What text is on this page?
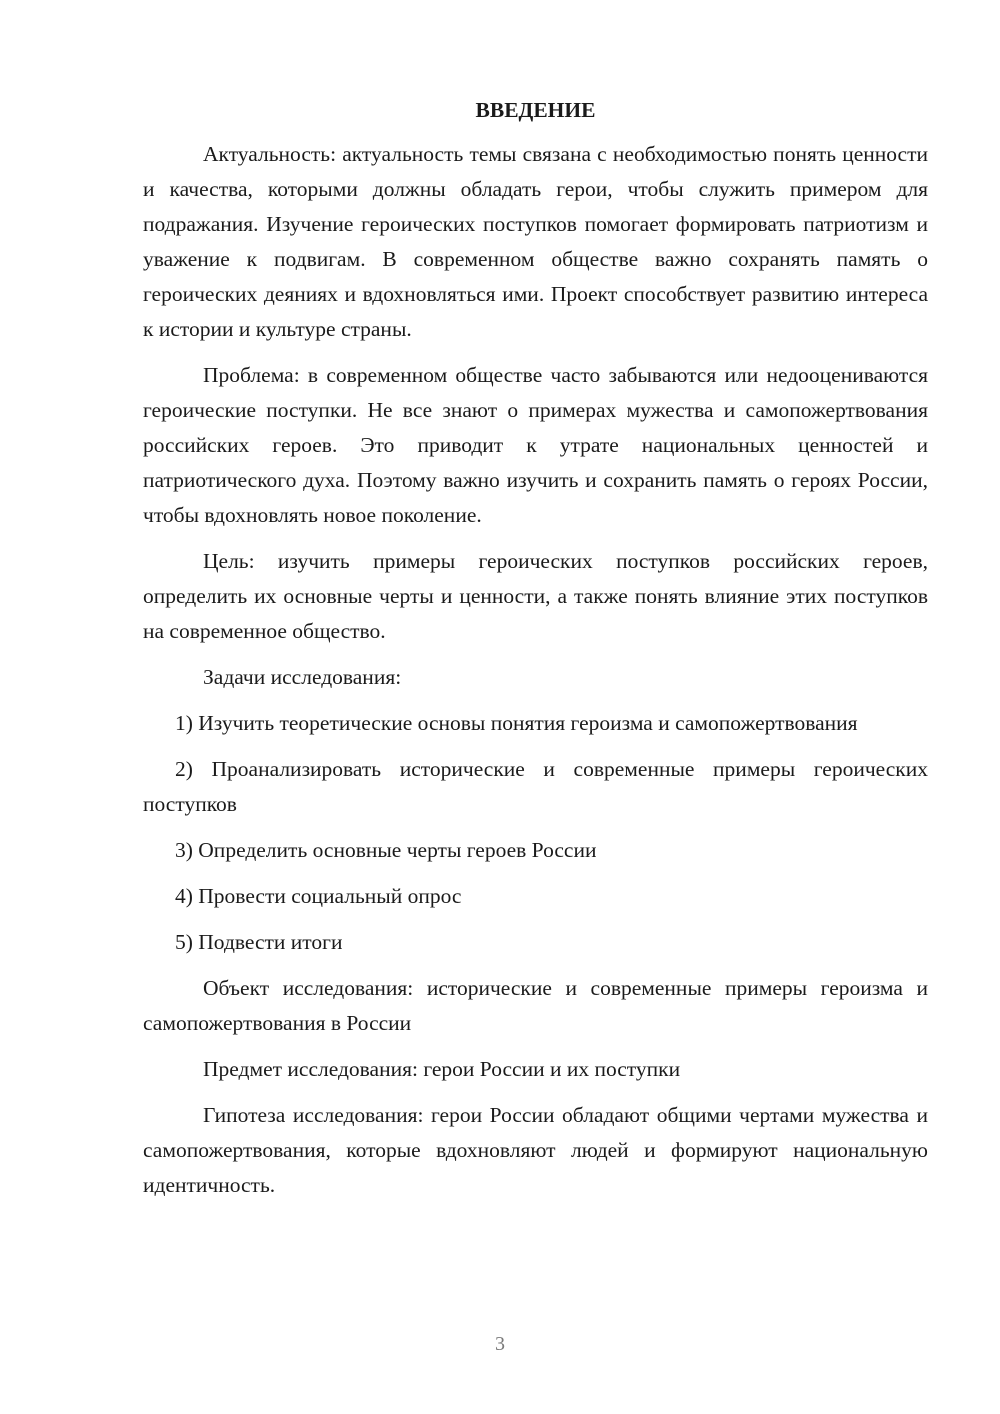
ВВЕДЕНИЕ

Актуальность: актуальность темы связана с необходимостью понять ценности и качества, которыми должны обладать герои, чтобы служить примером для подражания. Изучение героических поступков помогает формировать патриотизм и уважение к подвигам. В современном обществе важно сохранять память о героических деяниях и вдохновляться ими. Проект способствует развитию интереса к истории и культуре страны.

Проблема: в современном обществе часто забываются или недооцениваются героические поступки. Не все знают о примерах мужества и самопожертвования российских героев. Это приводит к утрате национальных ценностей и патриотического духа. Поэтому важно изучить и сохранить память о героях России, чтобы вдохновлять новое поколение.

Цель: изучить примеры героических поступков российских героев, определить их основные черты и ценности, а также понять влияние этих поступков на современное общество.

Задачи исследования:

1) Изучить теоретические основы понятия героизма и самопожертвования

2) Проанализировать исторические и современные примеры героических поступков

3) Определить основные черты героев России

4) Провести социальный опрос

5) Подвести итоги

Объект исследования: исторические и современные примеры героизма и самопожертвования в России

Предмет исследования: герои России и их поступки

Гипотеза исследования: герои России обладают общими чертами мужества и самопожертвования, которые вдохновляют людей и формируют национальную идентичность.

3
